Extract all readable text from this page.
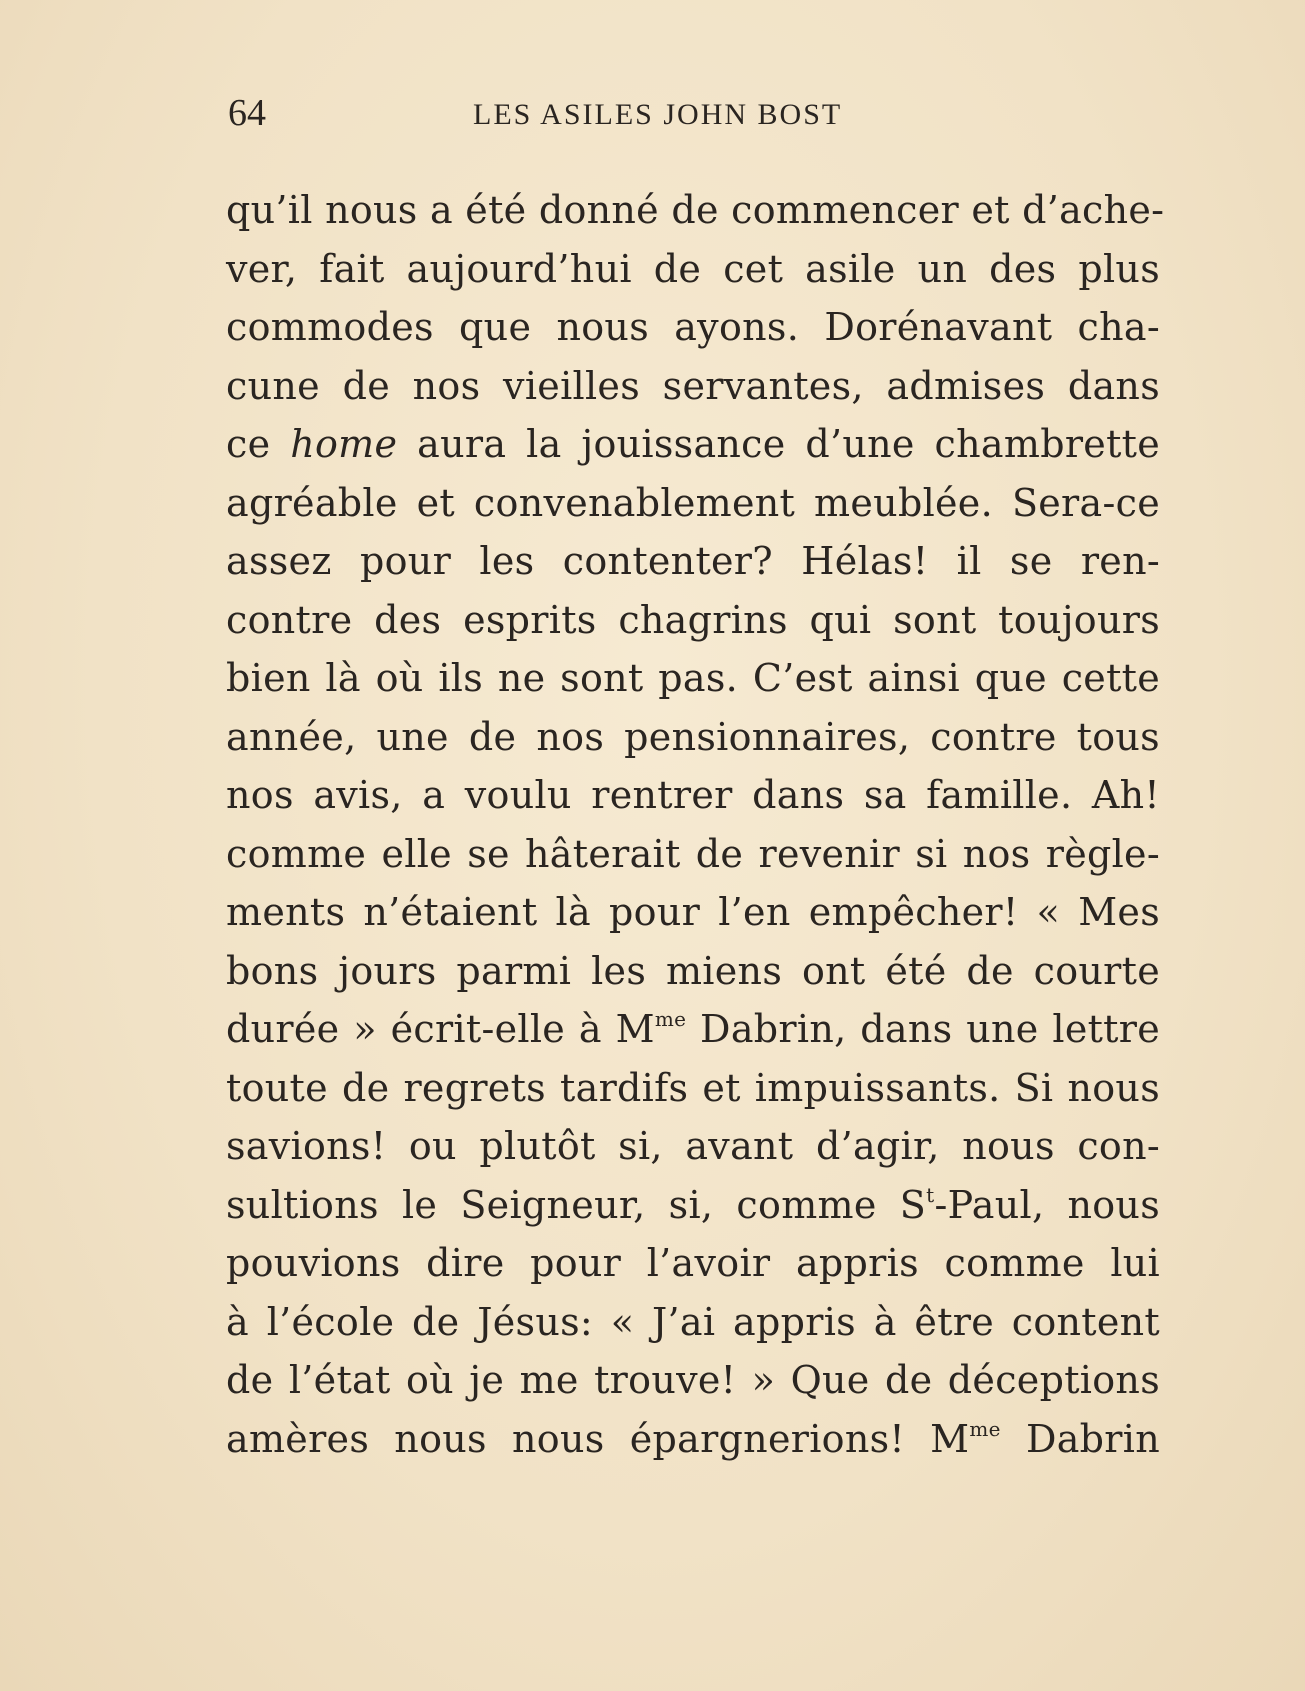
64	LES ASILES JOHN BOST
qu’il nous a été donné de commencer et d’ache-
ver, fait aujourd’hui de cet asile un des plus
commodes que nous ayons. Dorénavant cha-
cune de nos vieilles servantes, admises dans
ce home aura la jouissance d’une chambrette
agréable et convenablement meublée. Sera-ce
assez pour les contenter? Hélas! il se ren-
contre des esprits chagrins qui sont toujours
bien là où ils ne sont pas. C’est ainsi que cette
année, une de nos pensionnaires, contre tous
nos avis, a voulu rentrer dans sa famille. Ah!
comme elle se hâterait de revenir si nos règle-
ments n’étaient là pour l’en empêcher! « Mes
bons jours parmi les miens ont été de courte
durée » écrit-elle à $M^{me}$ Dabrin, dans une lettre
toute de regrets tardifs et impuissants. Si nous
savions! ou plutôt si, avant d’agir, nous con-
sultions le Seigneur, si, comme $S^t$-Paul, nous
pouvions dire pour l’avoir appris comme lui
à l’école de Jésus: « J’ai appris à être content
de l’état où je me trouve! » Que de déceptions
amères nous nous épargnerions! $M^{me}$ Dabrin
